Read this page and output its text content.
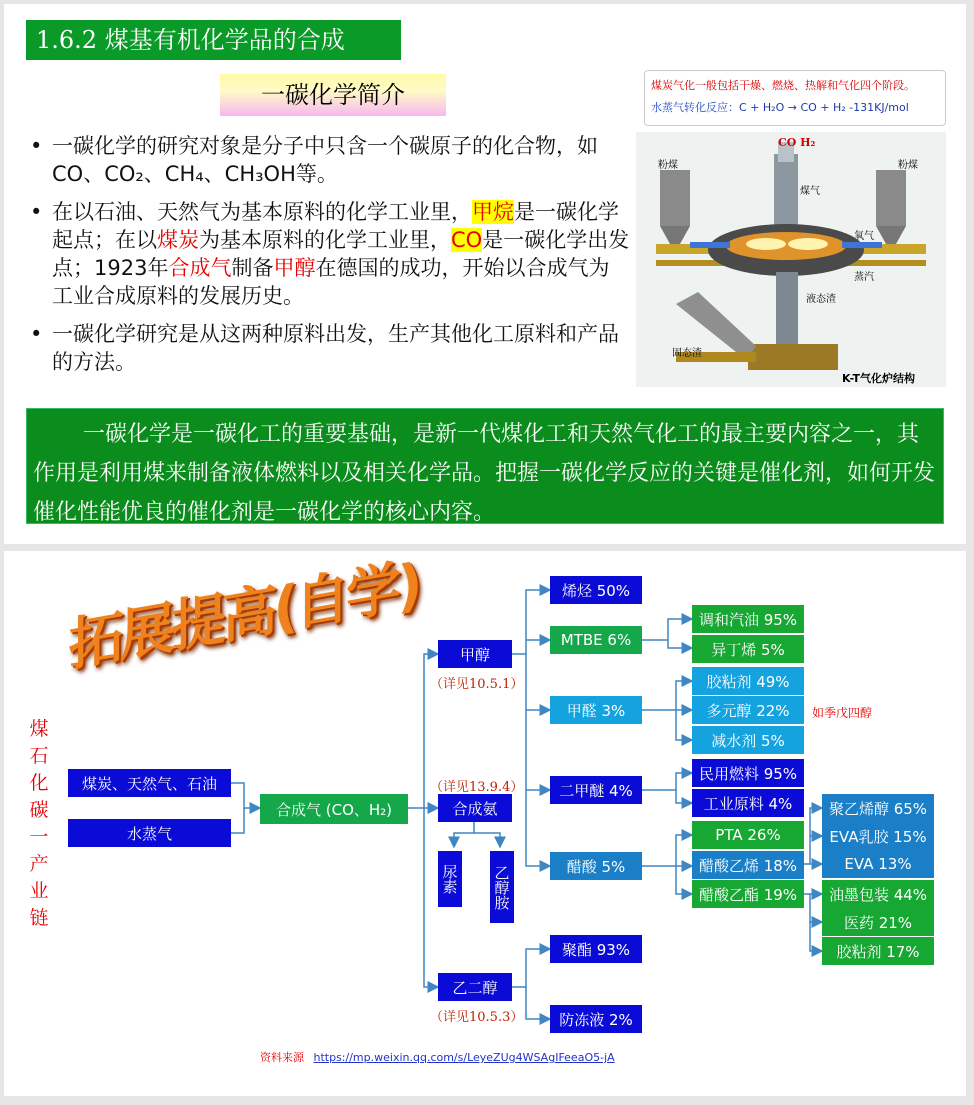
1.6.2 煤基有机化学品的合成
一碳化学简介
• 一碳化学的研究对象是分子中只含一个碳原子的化合物，如CO、CO₂、CH₄、CH₃OH等。
• 在以石油、天然气为基本原料的化学工业里，甲烷是一碳化学起点；在以煤炭为基本原料的化学工业里，CO是一碳化学出发点；1923年合成气制备甲醇在德国的成功，开始以合成气为工业合成原料的发展历史。
• 一碳化学研究是从这两种原料出发，生产其他化工原料和产品的方法。
煤炭气化一般包括干燥、燃烧、热解和气化四个阶段。
水蒸气转化反应：C + H₂O → CO + H₂ -131KJ/mol
CO H₂
粉煤	粉煤
煤气
氧气
蒸汽
液态渣
固态渣
K-T气化炉结构
一碳化学是一碳化工的重要基础，是新一代煤化工和天然气化工的最主要内容之一，其作用是利用煤来制备液体燃料以及相关化学品。把握一碳化学反应的关键是催化剂，如何开发催化性能优良的催化剂是一碳化学的核心内容。
拓展提高(自学)
煤石化碳一产业链
煤炭、天然气、石油
水蒸气
合成气 (CO、H₂)
甲醇
合成氨
乙二醇
尿素 乙醇胺
（详见10.5.1）
（详见13.9.4）
（详见10.5.3）
烯烃 50%
MTBE 6%
甲醛 3%
二甲醚 4%
醋酸 5%
聚酯 93%
防冻液 2%
调和汽油 95%
异丁烯 5%
胶粘剂 49%
多元醇 22%
减水剂 5%
民用燃料 95%
工业原料 4%
PTA 26%
醋酸乙烯 18%
醋酸乙酯 19%
如季戊四醇
聚乙烯醇 65%
EVA乳胶 15%
EVA 13%
油墨包装 44%
医药 21%
胶粘剂 17%
资料来源 https://mp.weixin.qq.com/s/LeyeZUg4WSAgIFeeaO5-jA
